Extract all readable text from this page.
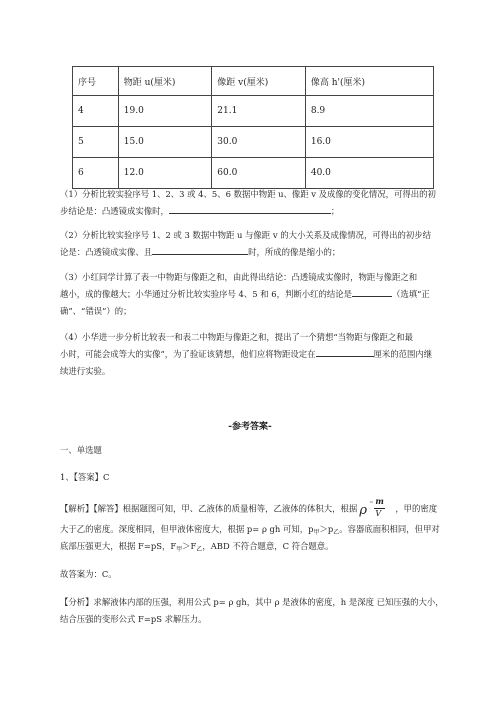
序号	物距 u(厘米)	像距 v(厘米)	像高 h'(厘米)
4	19.0	21.1	8.9
5	15.0	30.0	16.0
6	12.0	60.0	40.0
（1）分析比较实验序号 1、2、3 或 4、5、6 数据中物距 u、像距 v 及成像的变化情况，可得出的初
步结论是：凸透镜成实像时，	；
（2）分析比较实验序号 1、2 或 3 数据中物距 u 与像距 v 的大小关系及成像情况，可得出的初步结
论是：凸透镜成实像、且	时，所成的像是缩小的；
（3）小红同学计算了表一中物距与像距之和，由此得出结论：凸透镜成实像时，物距与像距之和
越小，成的像越大；小华通过分析比较实验序号 4、5 和 6，判断小红的结论是	（选填“正
确”、“错误”）的；
（4）小华进一步分析比较表一和表二中物距与像距之和，提出了一个猜想“当物距与像距之和最
小时，可能会成等大的实像”，为了验证该猜想，他们应将物距设定在	厘米的范围内继
续进行实验。
-参考答案-
一、单选题
1、【答案】C
【解析】【解答】根据题图可知，甲、乙液体的质量相等，乙液体的体积大，根据 ρ = m
V ，甲的密度
大于乙的密度。深度相同，但甲液体密度大，根据 p= ρ gh 可知，$p_甲>p_乙$。容器底面积相同，但甲对
底部压强更大，根据 F=pS，$F_甲>F_乙$，ABD 不符合题意，C 符合题意。
故答案为：C。
【分析】求解液体内部的压强，利用公式 p= ρ gh，其中 ρ 是液体的密度，h 是深度 已知压强的大小，
结合压强的变形公式 F=pS 求解压力。
